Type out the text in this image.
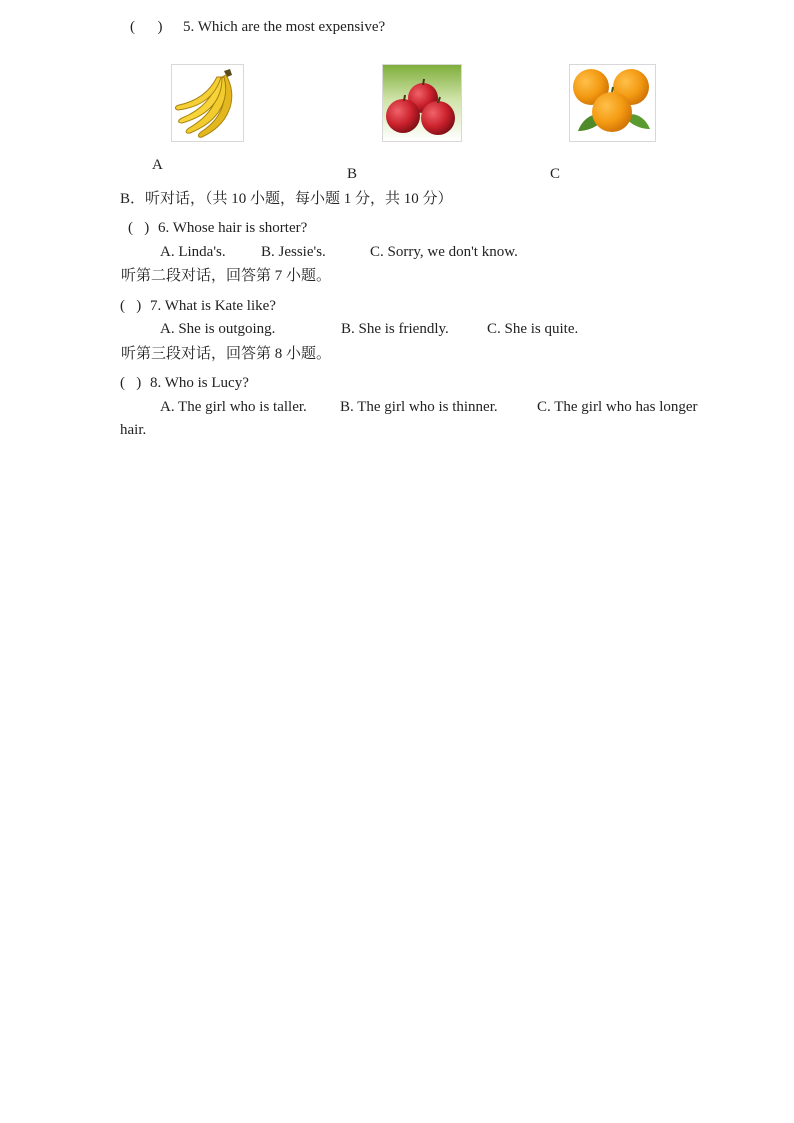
(      ) 5. Which are the most expensive?
A
B	C
B．听对话，（共 10 小题，每小题 1 分，共 10 分）
(   ) 6. Whose hair is shorter?
A. Linda's. B. Jessie's.	C. Sorry, we don't know.
听第二段对话，回答第 7 小题。
(   ) 7. What is Kate like?
A. She is outgoing.	B. She is friendly.	C. She is quite.
听第三段对话，回答第 8 小题。
(   ) 8. Who is Lucy?
A. The girl who is taller. B. The girl who is thinner.	C. The girl who has longer
hair.
